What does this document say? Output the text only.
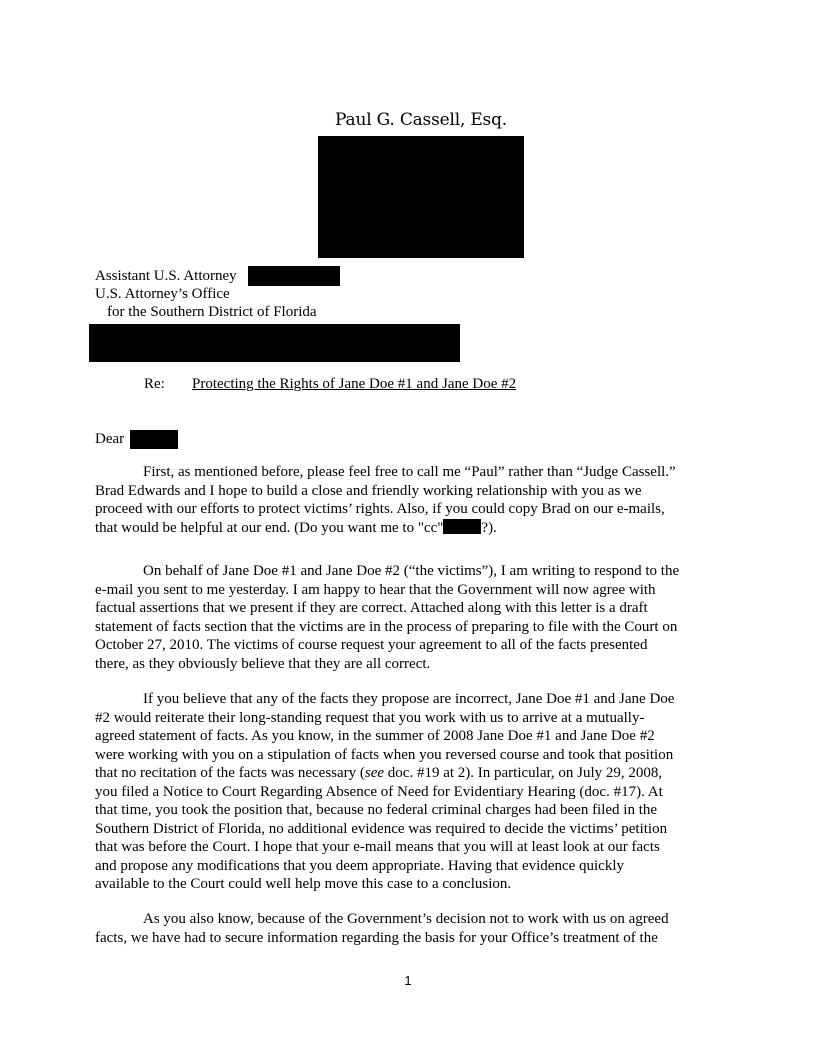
Paul G. Cassell, Esq.
Assistant U.S. Attorney
U.S. Attorney’s Office
for the Southern District of Florida
Re: Protecting the Rights of Jane Doe #1 and Jane Doe #2
Dear
First, as mentioned before, please feel free to call me “Paul” rather than “Judge Cassell.”
Brad Edwards and I hope to build a close and friendly working relationship with you as we
proceed with our efforts to protect victims’ rights. Also, if you could copy Brad on our e-mails,
that would be helpful at our end. (Do you want me to "cc"	?).
On behalf of Jane Doe #1 and Jane Doe #2 (“the victims”), I am writing to respond to the
e-mail you sent to me yesterday. I am happy to hear that the Government will now agree with
factual assertions that we present if they are correct. Attached along with this letter is a draft
statement of facts section that the victims are in the process of preparing to file with the Court on
October 27, 2010. The victims of course request your agreement to all of the facts presented
there, as they obviously believe that they are all correct.
If you believe that any of the facts they propose are incorrect, Jane Doe #1 and Jane Doe
#2 would reiterate their long-standing request that you work with us to arrive at a mutually-
agreed statement of facts. As you know, in the summer of 2008 Jane Doe #1 and Jane Doe #2
were working with you on a stipulation of facts when you reversed course and took that position
that no recitation of the facts was necessary (see doc. #19 at 2). In particular, on July 29, 2008,
you filed a Notice to Court Regarding Absence of Need for Evidentiary Hearing (doc. #17). At
that time, you took the position that, because no federal criminal charges had been filed in the
Southern District of Florida, no additional evidence was required to decide the victims’ petition
that was before the Court. I hope that your e-mail means that you will at least look at our facts
and propose any modifications that you deem appropriate. Having that evidence quickly
available to the Court could well help move this case to a conclusion.
As you also know, because of the Government’s decision not to work with us on agreed
facts, we have had to secure information regarding the basis for your Office’s treatment of the
1
